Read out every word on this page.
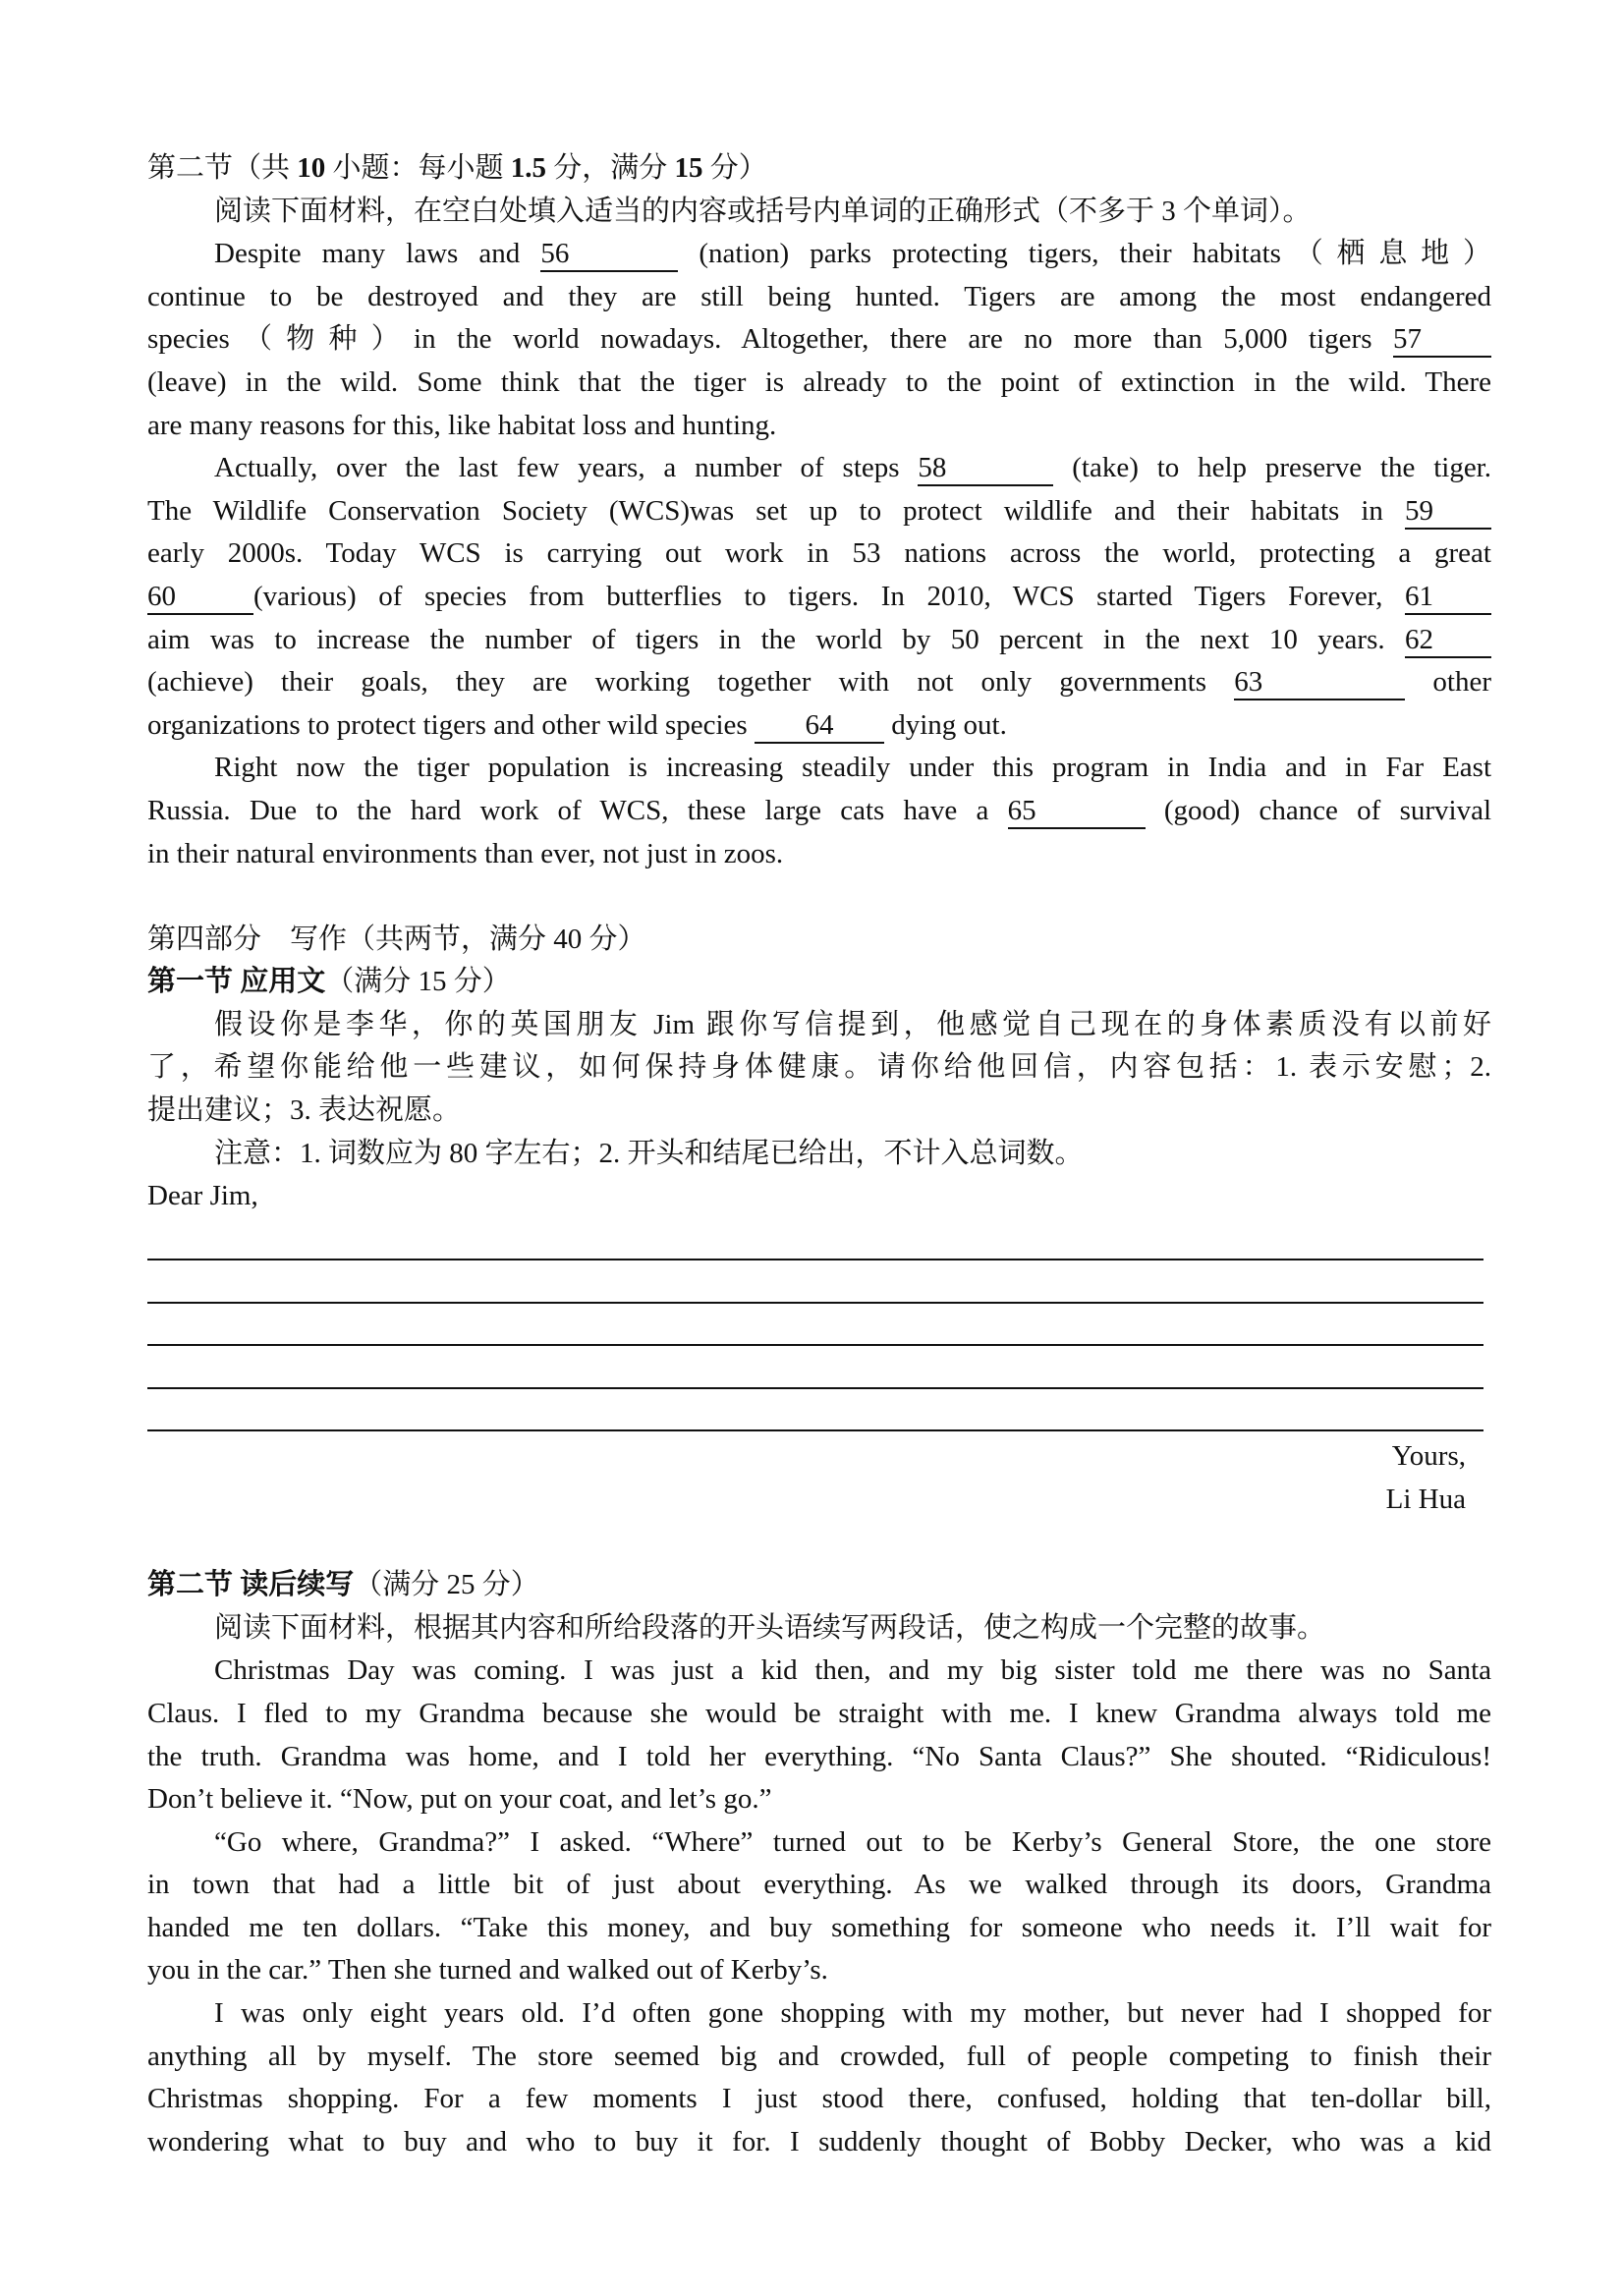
第二节（共 10 小题：每小题 1.5 分，满分 15 分）
阅读下面材料，在空白处填入适当的内容或括号内单词的正确形式（不多于 3 个单词）。
Despite many laws and 56	(nation) parks protecting tigers, their habitats（栖息地）
continue to be destroyed and they are still being hunted. Tigers are among the most endangered
species（物种）in the world nowadays. Altogether, there are no more than 5,000 tigers 57
(leave) in the wild. Some think that the tiger is already to the point of extinction in the wild. There
are many reasons for this, like habitat loss and hunting.
Actually, over the last few years, a number of steps 58	(take) to help preserve the tiger.
The Wildlife Conservation Society (WCS)was set up to protect wildlife and their habitats in 59
early 2000s. Today WCS is carrying out work in 53 nations across the world, protecting a great
60	(various) of species from butterflies to tigers. In 2010, WCS started Tigers Forever, 61
aim was to increase the number of tigers in the world by 50 percent in the next 10 years. 62
(achieve) their goals, they are working together with not only governments 63	other
organizations to protect tigers and other wild species 64 dying out.
Right now the tiger population is increasing steadily under this program in India and in Far East
Russia. Due to the hard work of WCS, these large cats have a 65	(good) chance of survival
in their natural environments than ever, not just in zoos.
第四部分　写作（共两节，满分 40 分）
第一节 应用文（满分 15 分）
假设你是李华，你的英国朋友 Jim 跟你写信提到，他感觉自己现在的身体素质没有以前好
了，希望你能给他一些建议，如何保持身体健康。请你给他回信，内容包括：1. 表示安慰；2.
提出建议；3. 表达祝愿。
注意：1. 词数应为 80 字左右；2. 开头和结尾已给出，不计入总词数。
Dear Jim,
Yours,
Li Hua
第二节 读后续写（满分 25 分）
阅读下面材料，根据其内容和所给段落的开头语续写两段话，使之构成一个完整的故事。
Christmas Day was coming. I was just a kid then, and my big sister told me there was no Santa
Claus. I fled to my Grandma because she would be straight with me. I knew Grandma always told me
the truth. Grandma was home, and I told her everything. “No Santa Claus?” She shouted. “Ridiculous!
Don’t believe it. “Now, put on your coat, and let’s go.”
“Go where, Grandma?” I asked. “Where” turned out to be Kerby’s General Store, the one store
in town that had a little bit of just about everything. As we walked through its doors, Grandma
handed me ten dollars. “Take this money, and buy something for someone who needs it. I’ll wait for
you in the car.” Then she turned and walked out of Kerby’s.
I was only eight years old. I’d often gone shopping with my mother, but never had I shopped for
anything all by myself. The store seemed big and crowded, full of people competing to finish their
Christmas shopping. For a few moments I just stood there, confused, holding that ten-dollar bill,
wondering what to buy and who to buy it for. I suddenly thought of Bobby Decker, who was a kid
